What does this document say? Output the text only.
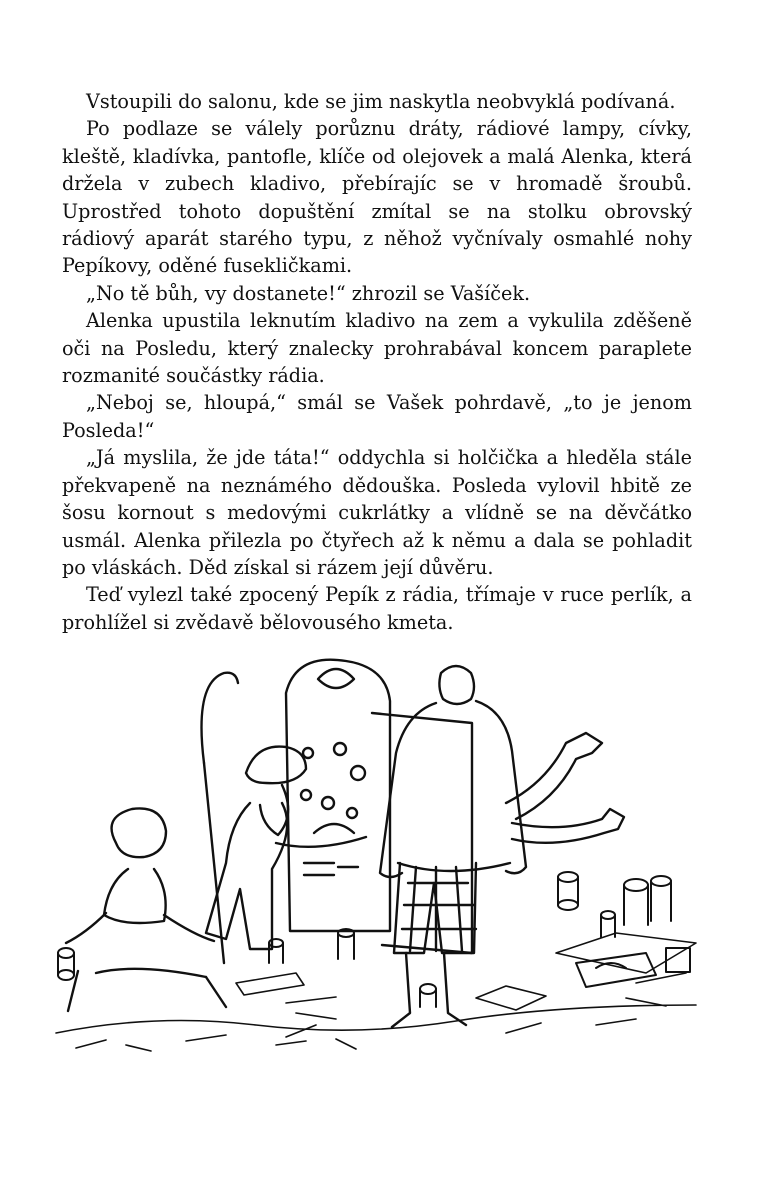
Vstoupili do salonu, kde se jim naskytla neobvyklá podívaná.

Po podlaze se válely porůznu dráty, rádiové lampy, cívky, kleště, kladívka, pantofle, klíče od olejovek a malá Alenka, která držela v zubech kladivo, přebírajíc se v hromadě šroubů. Uprostřed tohoto dopuštění zmítal se na stolku obrovský rádiový aparát starého typu, z něhož vyčnívaly osmahlé nohy Pepíkovy, oděné fusekličkami.

„No tě bůh, vy dostanete!“ zhrozil se Vašíček.

Alenka upustila leknutím kladivo na zem a vykulila zděšeně oči na Posledu, který znalecky prohrabával koncem paraplete rozmanité součástky rádia.

„Neboj se, hloupá,“ smál se Vašek pohrdavě, „to je jenom Posleda!“

„Já myslila, že jde táta!“ oddychla si holčička a hleděla stále překvapeně na neznámého dědouška. Posleda vylovil hbitě ze šosu kornout s medovými cukrlátky a vlídně se na děvčátko usmál. Alenka přilezla po čtyřech až k němu a dala se pohladit po vláskách. Děd získal si rázem její důvěru.

Teď vylezl také zpocený Pepík z rádia, třímaje v ruce perlík, a prohlížel si zvědavě bělovousého kmeta.
